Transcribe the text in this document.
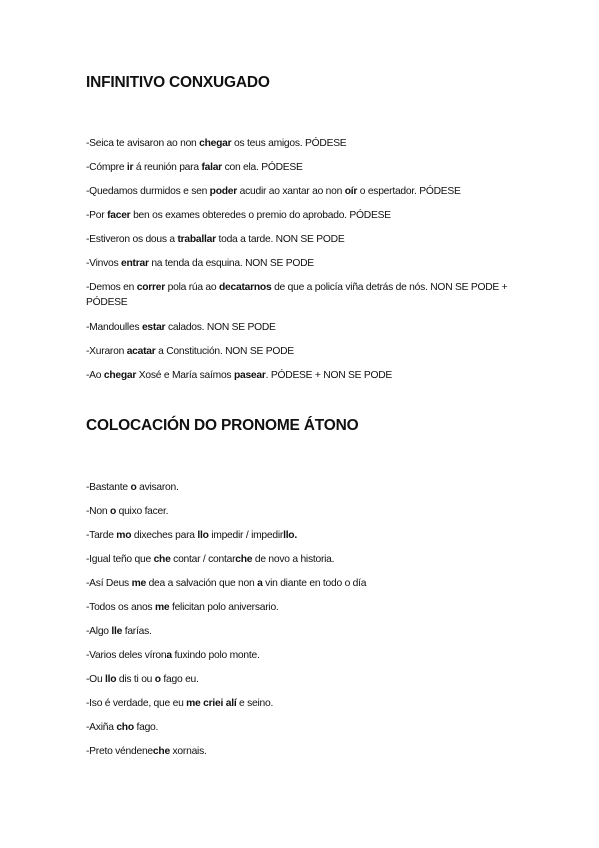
INFINITIVO CONXUGADO

-Seica te avisaron ao non chegar os teus amigos. PÓDESE

-Cómpre ir á reunión para falar con ela. PÓDESE

-Quedamos durmidos e sen poder acudir ao xantar ao non oír o espertador. PÓDESE

-Por facer ben os exames obteredes o premio do aprobado. PÓDESE

-Estiveron os dous a traballar toda a tarde. NON SE PODE

-Vinvos entrar na tenda da esquina. NON SE PODE

-Demos en correr pola rúa ao decatarnos de que a policía viña detrás de nós. NON SE PODE + PÓDESE

-Mandoulles estar calados. NON SE PODE

-Xuraron acatar a Constitución. NON SE PODE

-Ao chegar Xosé e María saímos pasear. PÓDESE + NON SE PODE

COLOCACIÓN DO PRONOME ÁTONO

-Bastante o avisaron.

-Non o quixo facer.

-Tarde mo dixeches para llo impedir / impedirllo.

-Igual teño que che contar / contarche de novo a historia.

-Así Deus me dea a salvación que non a vin diante en todo o día

-Todos os anos me felicitan polo aniversario.

-Algo lle farías.

-Varios deles vírona fuxindo polo monte.

-Ou llo dis ti ou o fago eu.

-Iso é verdade, que eu me criei alí e seino.

-Axiña cho fago.

-Preto véndeneche xornais.
